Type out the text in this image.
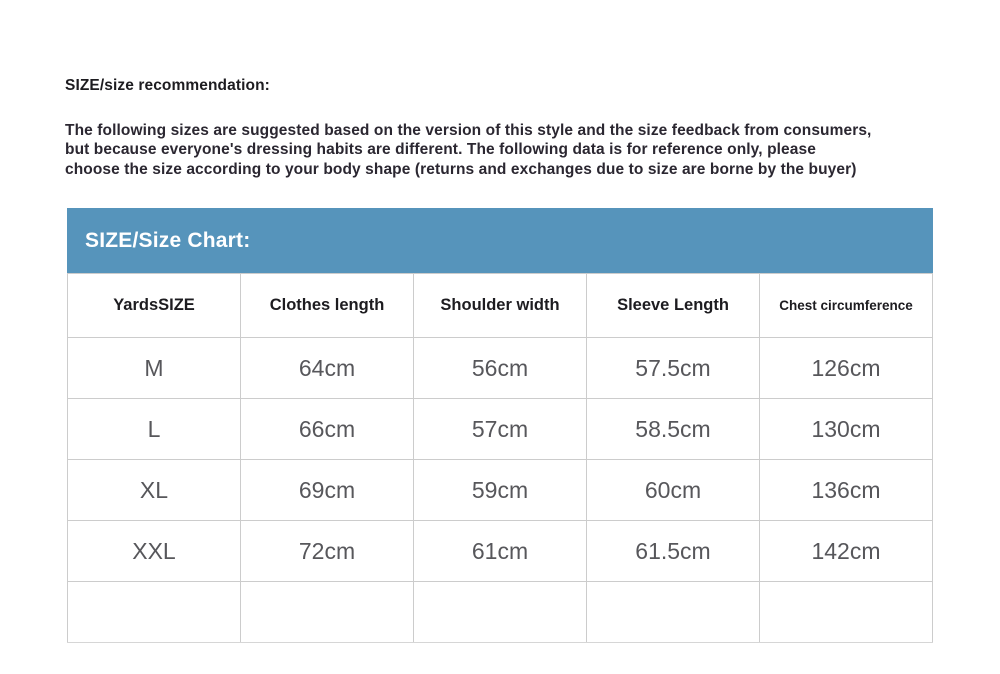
SIZE/size recommendation:
The following sizes are suggested based on the version of this style and the size feedback from consumers,
but because everyone's dressing habits are different. The following data is for reference only, please
choose the size according to your body shape (returns and exchanges due to size are borne by the buyer)
SIZE/Size Chart:
YardsSIZE	Clothes length	Shoulder width	Sleeve Length	Chest circumference
M	64cm	56cm	57.5cm	126cm
L	66cm	57cm	58.5cm	130cm
XL	69cm	59cm	60cm	136cm
XXL	72cm	61cm	61.5cm	142cm
